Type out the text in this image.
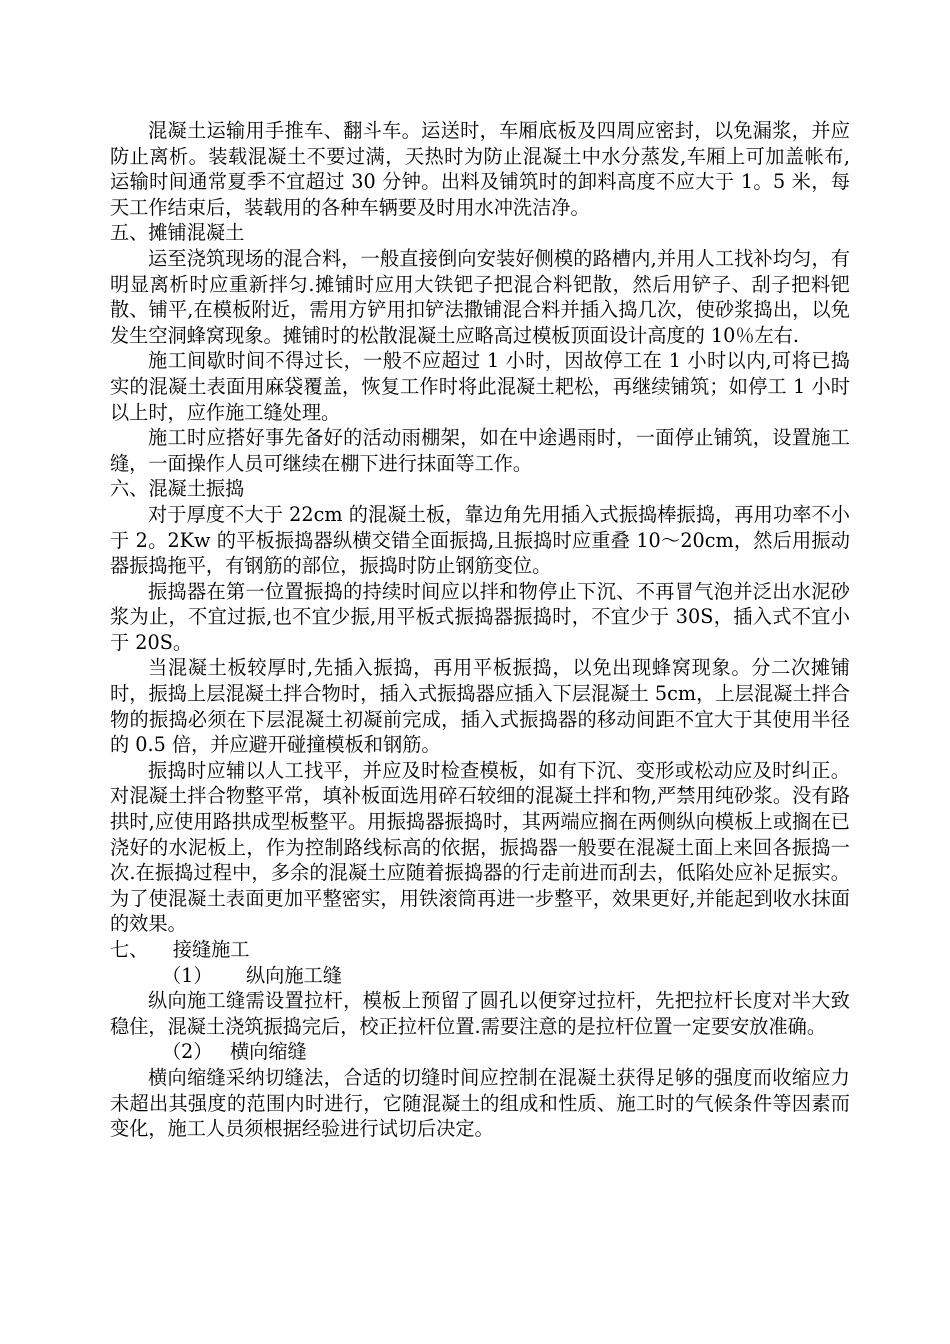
混凝土运输用手推车、翻斗车。运送时，车厢底板及四周应密封，以免漏浆，并应防止离析。装载混凝土不要过满，天热时为防止混凝土中水分蒸发,车厢上可加盖帐布,运输时间通常夏季不宜超过 30 分钟。出料及铺筑时的卸料高度不应大于 1。5 米，每天工作结束后，装载用的各种车辆要及时用水冲洗洁净。

五、摊铺混凝土

运至浇筑现场的混合料，一般直接倒向安装好侧模的路槽内,并用人工找补均匀，有明显离析时应重新拌匀.摊铺时应用大铁钯子把混合料钯散，然后用铲子、刮子把料钯散、铺平,在模板附近，需用方铲用扣铲法撒铺混合料并插入捣几次，使砂浆捣出，以免发生空洞蜂窝现象。摊铺时的松散混凝土应略高过模板顶面设计高度的 10％左右.

施工间歇时间不得过长，一般不应超过 1 小时，因故停工在 1 小时以内,可将已捣实的混凝土表面用麻袋覆盖，恢复工作时将此混凝土耙松，再继续铺筑；如停工 1 小时以上时，应作施工缝处理。

施工时应搭好事先备好的活动雨棚架，如在中途遇雨时，一面停止铺筑，设置施工缝，一面操作人员可继续在棚下进行抹面等工作。

六、混凝土振捣

对于厚度不大于 22cm 的混凝土板，靠边角先用插入式振捣棒振捣，再用功率不小于 2。2Kw 的平板振捣器纵横交错全面振捣,且振捣时应重叠 10～20cm，然后用振动器振捣拖平，有钢筋的部位，振捣时防止钢筋变位。

振捣器在第一位置振捣的持续时间应以拌和物停止下沉、不再冒气泡并泛出水泥砂浆为止，不宜过振,也不宜少振,用平板式振捣器振捣时，不宜少于 30S，插入式不宜小于 20S。

当混凝土板较厚时,先插入振捣，再用平板振捣，以免出现蜂窝现象。分二次摊铺时，振捣上层混凝土拌合物时，插入式振捣器应插入下层混凝土 5cm，上层混凝土拌合物的振捣必须在下层混凝土初凝前完成，插入式振捣器的移动间距不宜大于其使用半径的 0.5 倍，并应避开碰撞模板和钢筋。

振捣时应辅以人工找平，并应及时检查模板，如有下沉、变形或松动应及时纠正。对混凝土拌合物整平常，填补板面选用碎石较细的混凝土拌和物,严禁用纯砂浆。没有路拱时,应使用路拱成型板整平。用振捣器振捣时，其两端应搁在两侧纵向模板上或搁在已浇好的水泥板上，作为控制路线标高的依据，振捣器一般要在混凝土面上来回各振捣一次.在振捣过程中，多余的混凝土应随着振捣器的行走前进而刮去，低陷处应补足振实。为了使混凝土表面更加平整密实，用铁滚筒再进一步整平，效果更好,并能起到收水抹面的效果。

七、    接缝施工

（1） 纵向施工缝

纵向施工缝需设置拉杆，模板上预留了圆孔以便穿过拉杆，先把拉杆长度对半大致稳住，混凝土浇筑振捣完后，校正拉杆位置.需要注意的是拉杆位置一定要安放准确。

（2） 横向缩缝

横向缩缝采纳切缝法，合适的切缝时间应控制在混凝土获得足够的强度而收缩应力未超出其强度的范围内时进行，它随混凝土的组成和性质、施工时的气候条件等因素而变化，施工人员须根据经验进行试切后决定。
